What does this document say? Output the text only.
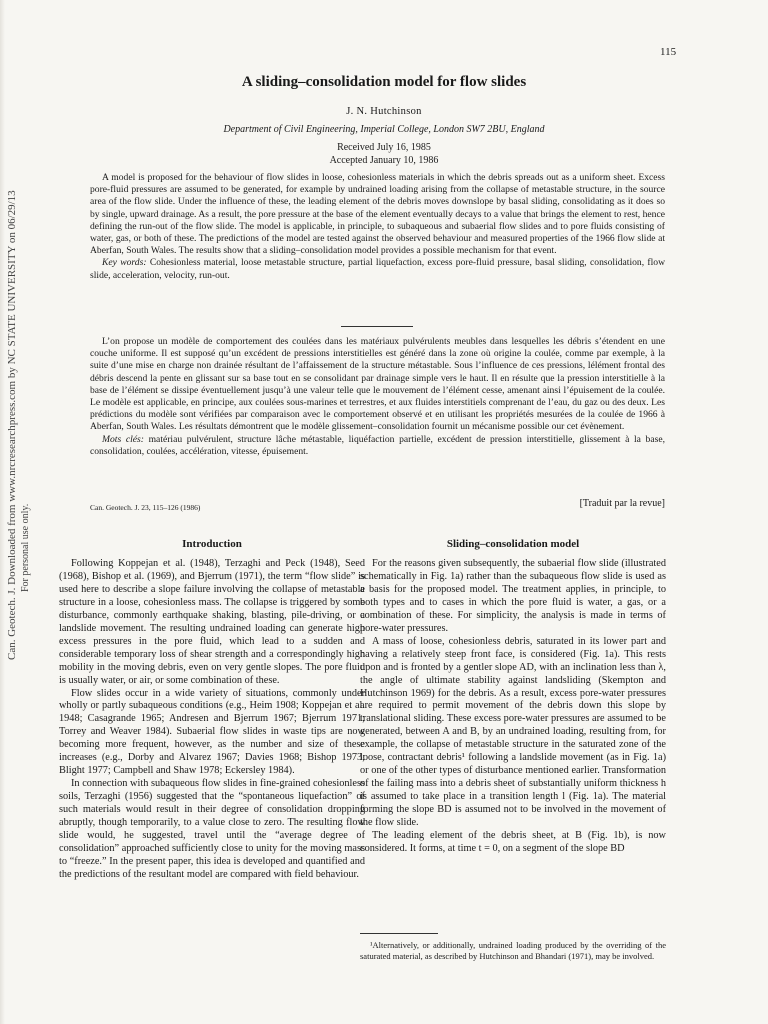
115
A sliding–consolidation model for flow slides
J. N. Hutchinson
Department of Civil Engineering, Imperial College, London SW7 2BU, England
Received July 16, 1985
Accepted January 10, 1986

A model is proposed for the behaviour of flow slides in loose, cohesionless materials in which the debris spreads out as a uniform sheet. Excess pore-fluid pressures are assumed to be generated, for example by undrained loading arising from the collapse of metastable structure, in the source area of the flow slide. Under the influence of these, the leading element of the debris moves downslope by basal sliding, consolidating as it does so by single, upward drainage. As a result, the pore pressure at the base of the element eventually decays to a value that brings the element to rest, hence defining the run-out of the flow slide. The model is applicable, in principle, to subaqueous and subaerial flow slides and to pore fluids consisting of water, gas, or both of these. The predictions of the model are tested against the observed behaviour and measured properties of the 1966 flow slide at Aberfan, South Wales. The results show that a sliding–consolidation model provides a possible mechanism for that event.

Key words: Cohesionless material, loose metastable structure, partial liquefaction, excess pore-fluid pressure, basal sliding, consolidation, flow slide, acceleration, velocity, run-out.

L’on propose un modèle de comportement des coulées dans les matériaux pulvérulents meubles dans lesquelles les débris s’étendent en une couche uniforme. Il est supposé qu’un excédent de pressions interstitielles est généré dans la zone où origine la coulée, comme par exemple, à la suite d’une mise en charge non drainée résultant de l’affaissement de la structure métastable. Sous l’influence de ces pressions, lélément frontal des débris descend la pente en glissant sur sa base tout en se consolidant par drainage simple vers le haut. Il en résulte que la pression interstitielle à la base de l’élément se dissipe éventuellement jusqu’à une valeur telle que le mouvement de l’élément cesse, amenant ainsi l’épuisement de la coulée. Le modèle est applicable, en principe, aux coulées sous-marines et terrestres, et aux fluides interstitiels comprenant de l’eau, du gaz ou des deux. Les prédictions du modèle sont vérifiées par comparaison avec le comportement observé et en utilisant les propriétés mesurées de la coulée de 1966 à Aberfan, South Wales. Les résultats démontrent que le modèle glissement–consolidation fournit un mécanisme possible our cet évènement.

Mots clés: matériau pulvérulent, structure lâche métastable, liquéfaction partielle, excédent de pression interstitielle, glissement à la base, consolidation, coulées, accélération, vitesse, épuisement.

[Traduit par la revue]
Can. Geotech. J. 23, 115–126 (1986)
Introduction

Following Koppejan et al. (1948), Terzaghi and Peck (1948), Seed (1968), Bishop et al. (1969), and Bjerrum (1971), the term “flow slide” is used here to describe a slope failure involving the collapse of metastable structure in a loose, cohesionless mass. The collapse is triggered by some disturbance, commonly earthquake shaking, blasting, pile-driving, or a landslide movement. The resulting undrained loading can generate high excess pressures in the pore fluid, which lead to a sudden and considerable temporary loss of shear strength and a correspondingly high mobility in the moving debris, even on very gentle slopes. The pore fluid is usually water, or air, or some combination of these.

Flow slides occur in a wide variety of situations, commonly under wholly or partly subaqueous conditions (e.g., Heim 1908; Koppejan et al. 1948; Casagrande 1965; Andresen and Bjerrum 1967; Bjerrum 1971; Torrey and Weaver 1984). Subaerial flow slides in waste tips are now becoming more frequent, however, as the number and size of these increases (e.g., Dorby and Alvarez 1967; Davies 1968; Bishop 1973; Blight 1977; Campbell and Shaw 1978; Eckersley 1984).

In connection with subaqueous flow slides in fine-grained cohesionless soils, Terzaghi (1956) suggested that the “spontaneous liquefaction” of such materials would result in their degree of consolidation dropping abruptly, though temporarily, to a value close to zero. The resulting flow slide would, he suggested, travel until the “average degree of consolidation” approached sufficiently close to unity for the moving mass to “freeze.” In the present paper, this idea is developed and quantified and the predictions of the resultant model are compared with field behaviour.

Sliding–consolidation model

For the reasons given subsequently, the subaerial flow slide (illustrated schematically in Fig. 1a) rather than the subaqueous flow slide is used as a basis for the proposed model. The treatment applies, in principle, to both types and to cases in which the pore fluid is water, a gas, or a combination of these. For simplicity, the analysis is made in terms of pore-water pressures.

A mass of loose, cohesionless debris, saturated in its lower part and having a relatively steep front face, is considered (Fig. 1a). This rests upon and is fronted by a gentler slope AD, with an inclination less than λ, the angle of ultimate stability against landsliding (Skempton and Hutchinson 1969) for the debris. As a result, excess pore-water pressures are required to permit movement of the debris down this slope by translational sliding. These excess pore-water pressures are assumed to be generated, between A and B, by an undrained loading, resulting from, for example, the collapse of metastable structure in the saturated zone of the loose, contractant debris¹ following a landslide movement (as in Fig. 1a) or one of the other types of disturbance mentioned earlier. Transformation of the failing mass into a debris sheet of substantially uniform thickness h is assumed to take place in a transition length l (Fig. 1a). The material forming the slope BD is assumed not to be involved in the movement of the flow slide.

The leading element of the debris sheet, at B (Fig. 1b), is now considered. It forms, at time t = 0, on a segment of the slope BD

¹Alternatively, or additionally, undrained loading produced by the overriding of the saturated material, as described by Hutchinson and Bhandari (1971), may be involved.
Can. Geotech. J. Downloaded from www.nrcresearchpress.com by NC STATE UNIVERSITY on 06/29/13 For personal use only.
